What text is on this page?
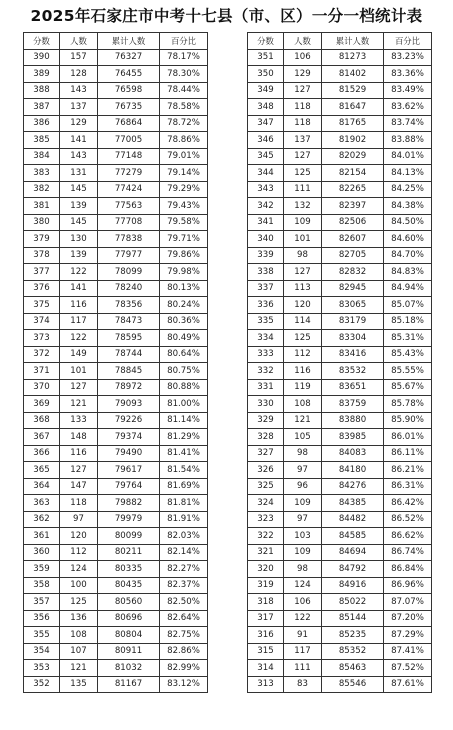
2025年石家庄市中考十七县（市、区）一分一档统计表
分数	人数	累计人数	百分比
390	157	76327	78.17%
389	128	76455	78.30%
388	143	76598	78.44%
387	137	76735	78.58%
386	129	76864	78.72%
385	141	77005	78.86%
384	143	77148	79.01%
383	131	77279	79.14%
382	145	77424	79.29%
381	139	77563	79.43%
380	145	77708	79.58%
379	130	77838	79.71%
378	139	77977	79.86%
377	122	78099	79.98%
376	141	78240	80.13%
375	116	78356	80.24%
374	117	78473	80.36%
373	122	78595	80.49%
372	149	78744	80.64%
371	101	78845	80.75%
370	127	78972	80.88%
369	121	79093	81.00%
368	133	79226	81.14%
367	148	79374	81.29%
366	116	79490	81.41%
365	127	79617	81.54%
364	147	79764	81.69%
363	118	79882	81.81%
362	97	79979	81.91%
361	120	80099	82.03%
360	112	80211	82.14%
359	124	80335	82.27%
358	100	80435	82.37%
357	125	80560	82.50%
356	136	80696	82.64%
355	108	80804	82.75%
354	107	80911	82.86%
353	121	81032	82.99%
352	135	81167	83.12%
分数	人数	累计人数	百分比
351	106	81273	83.23%
350	129	81402	83.36%
349	127	81529	83.49%
348	118	81647	83.62%
347	118	81765	83.74%
346	137	81902	83.88%
345	127	82029	84.01%
344	125	82154	84.13%
343	111	82265	84.25%
342	132	82397	84.38%
341	109	82506	84.50%
340	101	82607	84.60%
339	98	82705	84.70%
338	127	82832	84.83%
337	113	82945	84.94%
336	120	83065	85.07%
335	114	83179	85.18%
334	125	83304	85.31%
333	112	83416	85.43%
332	116	83532	85.55%
331	119	83651	85.67%
330	108	83759	85.78%
329	121	83880	85.90%
328	105	83985	86.01%
327	98	84083	86.11%
326	97	84180	86.21%
325	96	84276	86.31%
324	109	84385	86.42%
323	97	84482	86.52%
322	103	84585	86.62%
321	109	84694	86.74%
320	98	84792	86.84%
319	124	84916	86.96%
318	106	85022	87.07%
317	122	85144	87.20%
316	91	85235	87.29%
315	117	85352	87.41%
314	111	85463	87.52%
313	83	85546	87.61%
